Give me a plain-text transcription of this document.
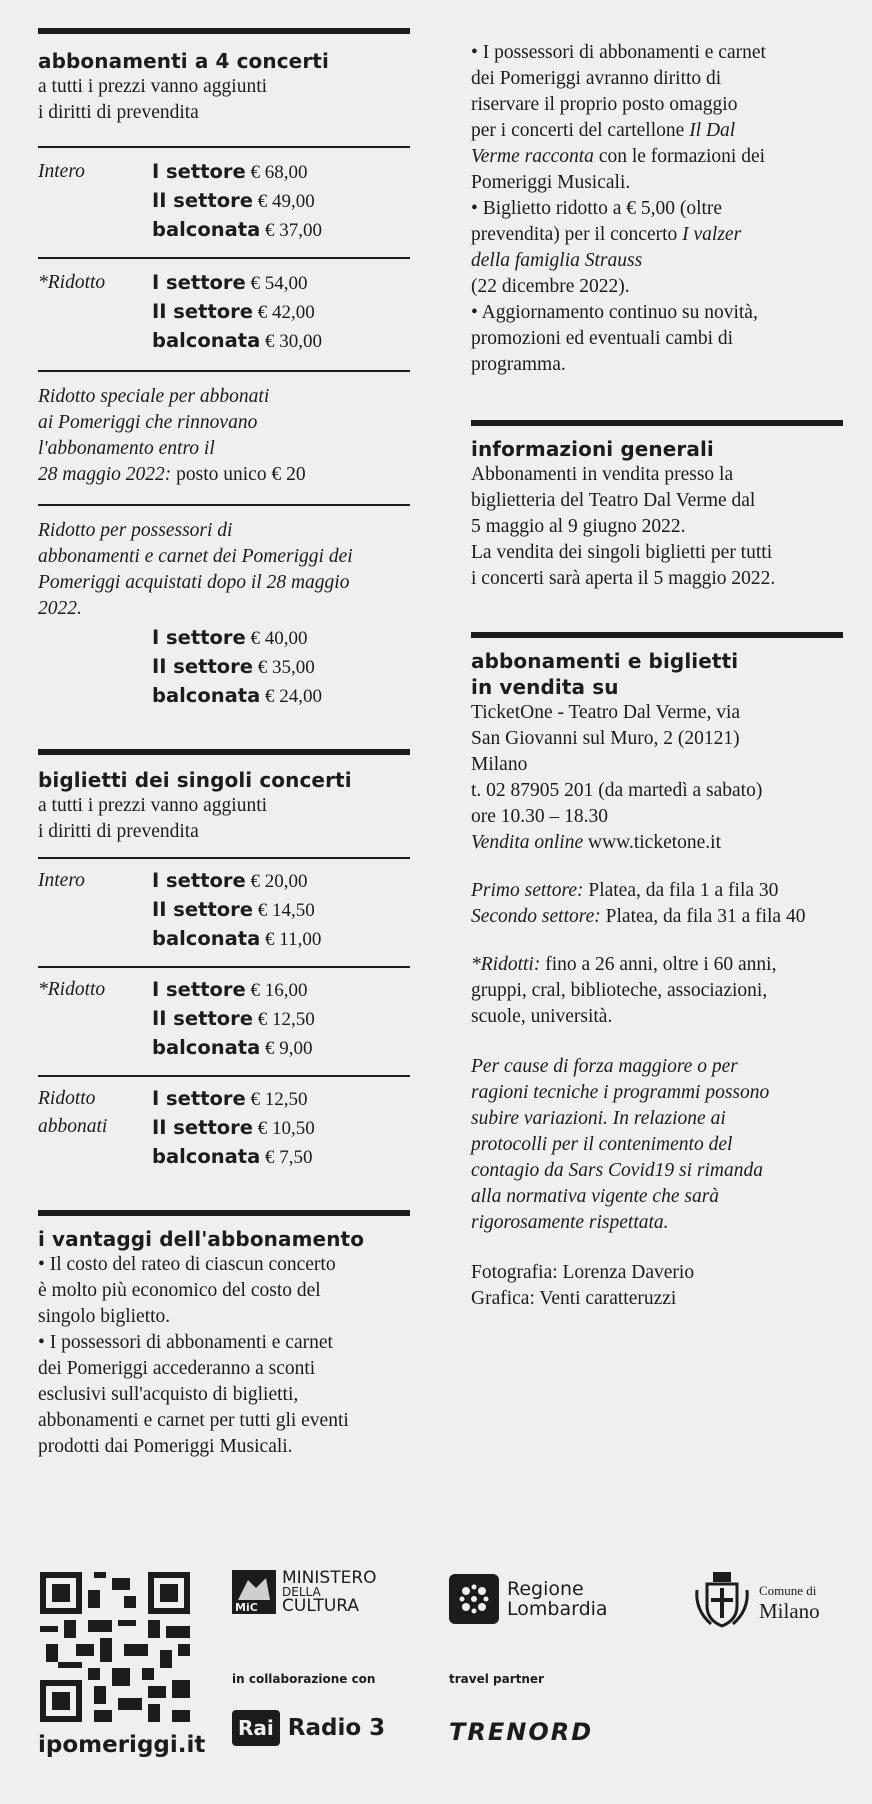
abbonamenti a 4 concerti
a tutti i prezzi vanno aggiunti
i diritti di prevendita
Intero	I settore € 68,00
II settore € 49,00
balconata € 37,00
*Ridotto	I settore € 54,00
II settore € 42,00
balconata € 30,00
Ridotto speciale per abbonati
ai Pomeriggi che rinnovano
l'abbonamento entro il
28 maggio 2022: posto unico € 20
Ridotto per possessori di
abbonamenti e carnet dei Pomeriggi dei
Pomeriggi acquistati dopo il 28 maggio
2022.
I settore € 40,00
II settore € 35,00
balconata € 24,00
biglietti dei singoli concerti
a tutti i prezzi vanno aggiunti
i diritti di prevendita
Intero	I settore € 20,00
II settore € 14,50
balconata € 11,00
*Ridotto	I settore € 16,00
II settore € 12,50
balconata € 9,00
Ridotto
abbonati
I settore € 12,50
II settore € 10,50
balconata € 7,50
i vantaggi dell'abbonamento
• Il costo del rateo di ciascun concerto
è molto più economico del costo del
singolo biglietto.
• I possessori di abbonamenti e carnet
dei Pomeriggi accederanno a sconti
esclusivi sull'acquisto di biglietti,
abbonamenti e carnet per tutti gli eventi
prodotti dai Pomeriggi Musicali.
• I possessori di abbonamenti e carnet
dei Pomeriggi avranno diritto di
riservare il proprio posto omaggio
per i concerti del cartellone Il Dal
Verme racconta con le formazioni dei
Pomeriggi Musicali.
• Biglietto ridotto a € 5,00 (oltre
prevendita) per il concerto I valzer
della famiglia Strauss
(22 dicembre 2022).
• Aggiornamento continuo su novità,
promozioni ed eventuali cambi di
programma.
informazioni generali
Abbonamenti in vendita presso la
biglietteria del Teatro Dal Verme dal
5 maggio al 9 giugno 2022.
La vendita dei singoli biglietti per tutti
i concerti sarà aperta il 5 maggio 2022.
abbonamenti e biglietti
in vendita su
TicketOne - Teatro Dal Verme, via
San Giovanni sul Muro, 2 (20121)
Milano
t. 02 87905 201 (da martedì a sabato)
ore 10.30 – 18.30
Vendita online www.ticketone.it
Primo settore: Platea, da fila 1 a fila 30
Secondo settore: Platea, da fila 31 a fila 40
*Ridotti: fino a 26 anni, oltre i 60 anni,
gruppi, cral, biblioteche, associazioni,
scuole, università.
Per cause di forza maggiore o per
ragioni tecniche i programmi possono
subire variazioni. In relazione ai
protocolli per il contenimento del
contagio da Sars Covid19 si rimanda
alla normativa vigente che sarà
rigorosamente rispettata.
Fotografia: Lorenza Daverio
Grafica: Venti caratteruzzi
ipomeriggi.it
MiC
MINISTERO
DELLA
CULTURA
Regione
Lombardia
Comune di
Milano
in collaborazione con	travel partner
Rai Radio 3	TRENORD
